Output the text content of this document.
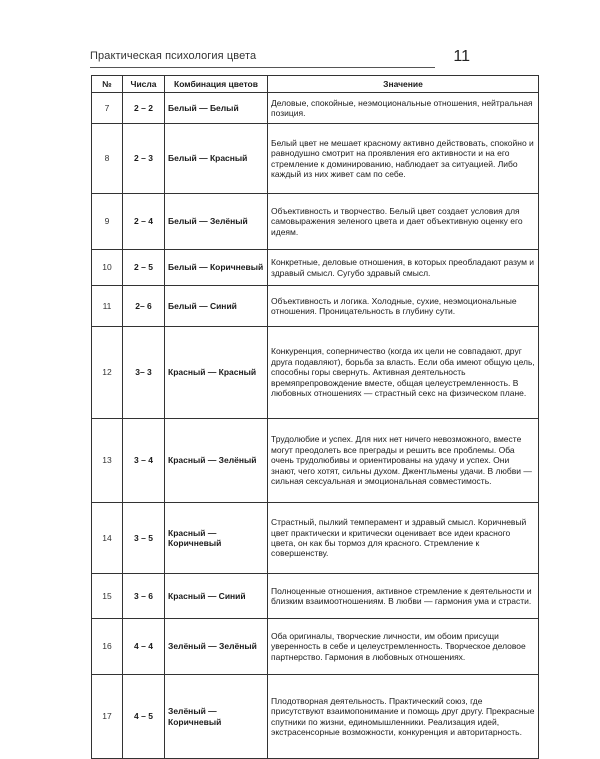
Практическая психология цвета	11
№	Числа	Комбинация цветов	Значение
7	2 – 2	Белый — Белый	Деловые, спокойные, неэмоциональные отношения, нейтральная позиция.
8	2 – 3	Белый — Красный	Белый цвет не мешает красному активно действовать, спокойно и равнодушно смотрит на проявления его активности и на его стремление к доминированию, наблюдает за ситуацией. Либо каждый из них живет сам по себе.
9	2 – 4	Белый — Зелёный	Объективность и творчество. Белый цвет создает условия для самовыражения зеленого цвета и дает объективную оценку его идеям.
10	2 – 5	Белый — Коричневый	Конкретные, деловые отношения, в которых преобладают разум и здравый смысл. Сугубо здравый смысл.
11	2– 6	Белый — Синий	Объективность и логика. Холодные, сухие, неэмоциональные отношения. Проницательность в глубину сути.
12	3– 3	Красный — Красный	Конкуренция, соперничество (когда их цели не совпадают, друг друга подавляют), борьба за власть. Если оба имеют общую цель, способны горы свернуть. Активная деятельность времяпрепровождение вместе, общая целеустремленность. В любовных отношениях — страстный секс на физическом плане.
13	3 – 4	Красный — Зелёный	Трудолюбие и успех. Для них нет ничего невозможного, вместе могут преодолеть все преграды и решить все проблемы. Оба очень трудолюбивы и ориентированы на удачу и успех. Они знают, чего хотят, сильны духом. Джентльмены удачи. В любви — сильная сексуальная и эмоциональная совместимость.
14	3 – 5	Красный — Коричневый	Страстный, пылкий темперамент и здравый смысл. Коричневый цвет практически и критически оценивает все идеи красного цвета, он как бы тормоз для красного. Стремление к совершенству.
15	3 – 6	Красный — Синий	Полноценные отношения, активное стремление к деятельности и близким взаимоотношениям. В любви — гармония ума и страсти.
16	4 – 4	Зелёный — Зелёный	Оба оригиналы, творческие личности, им обоим присущи уверенность в себе и целеустремленность. Творческое деловое партнерство. Гармония в любовных отношениях.
17	4 – 5	Зелёный — Коричневый	Плодотворная деятельность. Практический союз, где присутствуют взаимопонимание и помощь друг другу. Прекрасные спутники по жизни, единомышленники. Реализация идей, экстрасенсорные возможности, конкуренция и авторитарность.
